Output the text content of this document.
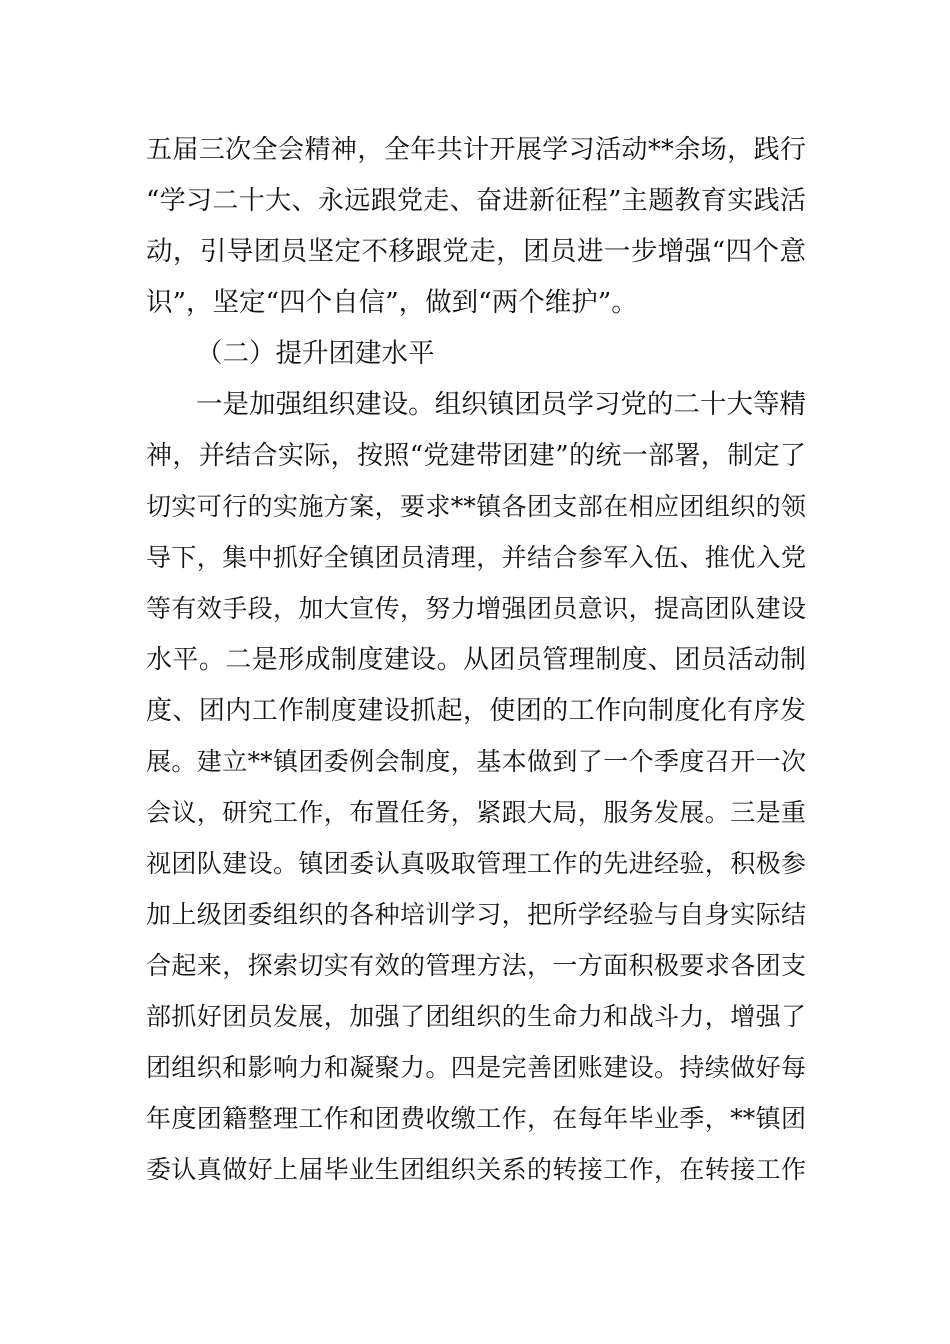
五届三次全会精神，全年共计开展学习活动**余场，践行

“学习二十大、永远跟党走、奋进新征程”主题教育实践活

动，引导团员坚定不移跟党走，团员进一步增强“四个意

识”，坚定“四个自信”，做到“两个维护”。

（二）提升团建水平

一是加强组织建设。组织镇团员学习党的二十大等精

神，并结合实际，按照“党建带团建”的统一部署，制定了

切实可行的实施方案，要求**镇各团支部在相应团组织的领

导下，集中抓好全镇团员清理，并结合参军入伍、推优入党

等有效手段，加大宣传，努力增强团员意识，提高团队建设

水平。二是形成制度建设。从团员管理制度、团员活动制

度、团内工作制度建设抓起，使团的工作向制度化有序发

展。建立**镇团委例会制度，基本做到了一个季度召开一次

会议，研究工作，布置任务，紧跟大局，服务发展。三是重

视团队建设。镇团委认真吸取管理工作的先进经验，积极参

加上级团委组织的各种培训学习，把所学经验与自身实际结

合起来，探索切实有效的管理方法，一方面积极要求各团支

部抓好团员发展，加强了团组织的生命力和战斗力，增强了

团组织和影响力和凝聚力。四是完善团账建设。持续做好每

年度团籍整理工作和团费收缴工作，在每年毕业季，**镇团

委认真做好上届毕业生团组织关系的转接工作，在转接工作
